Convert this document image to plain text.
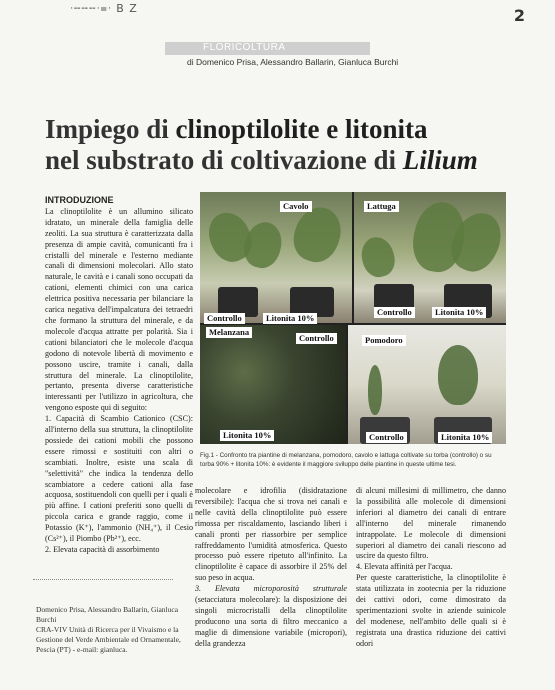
ᐧ╌╌╌ᐧ᐀ᐧ B Z	2
FLORICOLTURA
di Domenico Prisa, Alessandro Ballarin, Gianluca Burchi
Impiego di clinoptilolite e litonita
nel substrato di coltivazione di Lilium
INTRODUZIONE

La clinoptilolite è un allumino silicato idratato, un minerale della famiglia delle zeoliti. La sua struttura è caratterizzata dalla presenza di ampie cavità, comunicanti fra i cristalli del minerale e l'esterno mediante canali di dimensioni molecolari. Allo stato naturale, le cavità e i canali sono occupati da cationi, elementi chimici con una carica elettrica positiva necessaria per bilanciare la carica negativa dell'impalcatura dei tetraedri che formano la struttura del minerale, e da molecole d'acqua attratte per polarità. Sia i cationi bilanciatori che le molecole d'acqua godono di notevole libertà di movimento e possono uscire, tramite i canali, dalla struttura del minerale. La clinoptilolite, pertanto, presenta diverse caratteristiche interessanti per l'utilizzo in agricoltura, che vengono esposte qui di seguito:

1. Capacità di Scambio Cationico (CSC): all'interno della sua struttura, la clinoptilolite possiede dei cationi mobili che possono essere rimossi e sostituiti con altri o scambiati. Inoltre, esiste una scala di "selettività" che indica la tendenza dello scambiatore a cedere cationi alla fase acquosa, sostituendoli con quelli per i quali è più affine. I cationi preferiti sono quelli di piccola carica e grande raggio, come il Potassio (K⁺), l'ammonio (NH₄⁺), il Cesio (Cs²⁺), il Piombo (Pb²⁺), ecc.

2. Elevata capacità di assorbimento

Cavolo	Lattuga
Controllo	Litonita 10%
Controllo	Litonita 10%
Melanzana
Controllo	Pomodoro
Litonita 10%	Controllo	Litonita 10%
Fig.1 - Confronto tra piantine di melanzana, pomodoro, cavolo e lattuga coltivate su torba (controllo) o su torba 90% + litonita 10%: è evidente il maggiore sviluppo delle piantine in queste ultime tesi.

molecolare e idrofilia (disidratazione reversibile): l'acqua che si trova nei canali e nelle cavità della clinoptilolite può essere rimossa per riscaldamento, lasciando liberi i canali pronti per riassorbire per semplice raffreddamento l'umidità atmosferica. Questo processo può essere ripetuto all'infinito. La clinoptilolite è capace di assorbire il 25% del suo peso in acqua.

3. Elevata microporosità strutturale (setacciatura molecolare): la disposizione dei singoli microcristalli della clinoptilolite producono una sorta di filtro meccanico a maglie di dimensione variabile (micropori), della grandezza

di alcuni millesimi di millimetro, che danno la possibilità alle molecole di dimensioni inferiori al diametro dei canali di entrare all'interno del minerale rimanendo intrappolate. Le molecole di dimensioni superiori al diametro dei canali riescono ad uscire da questo filtro.

4. Elevata affinità per l'acqua.

Per queste caratteristiche, la clinoptilolite è stata utilizzata in zootecnia per la riduzione dei cattivi odori, come dimostrato da sperimentazioni svolte in aziende suinicole del modenese, nell'ambito delle quali si è registrata una drastica riduzione dei cattivi odori

Domenico Prisa, Alessandro Ballarin, Gianluca Burchi

CRA-VIV Unità di Ricerca per il Vivaismo e la Gestione del Verde Ambientale ed Ornamentale, Pescia (PT) - e-mail: gianluca.
